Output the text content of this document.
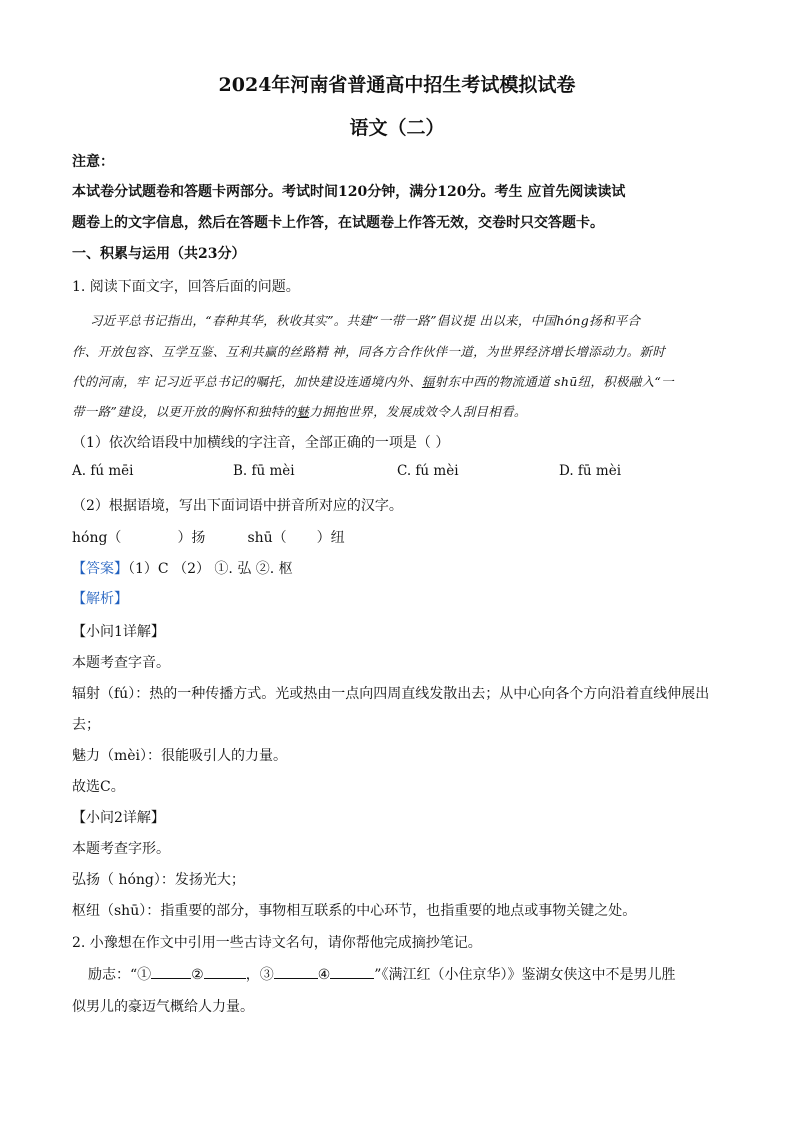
2024年河南省普通高中招生考试模拟试卷
语文（二）
注意：
本试卷分试题卷和答题卡两部分。考试时间120分钟，满分120分。考生 应首先阅读读试
题卷上的文字信息，然后在答题卡上作答，在试题卷上作答无效，交卷时只交答题卡。
一、积累与运用（共23分）
1. 阅读下面文字，回答后面的问题。
习近平总书记指出，“春种其华，秋收其实”。共建“一带一路”倡议提 出以来，中国hóng扬和平合
作、开放包容、互学互鉴、互利共赢的丝路精 神，同各方合作伙伴一道，为世界经济增长增添动力。新时
代的河南，牢 记习近平总书记的嘱托，加快建设连通境内外、辐射东中西的物流通道 shū纽，积极融入“一
带一路”建设，以更开放的胸怀和独特的魅力拥抱世界，发展成效令人刮目相看。
（1）依次给语段中加横线的字注音，全部正确的一项是（ ）
A. fú mēi	B. fū mèi	C. fú mèi	D. fū mèi
（2）根据语境，写出下面词语中拼音所对应的汉字。
hóng（	）扬	shū（ ）纽
【答案】（1）C （2） ①. 弘 ②. 枢
【解析】
【小问1详解】
本题考查字音。
辐射（fú）：热的一种传播方式。光或热由一点向四周直线发散出去；从中心向各个方向沿着直线伸展出
去；
魅力（mèi）：很能吸引人的力量。
故选C。
【小问2详解】
本题考查字形。
弘扬（ hóng）：发扬光大；
枢纽（shū）：指重要的部分，事物相互联系的中心环节，也指重要的地点或事物关键之处。
2. 小豫想在作文中引用一些古诗文名句，请你帮他完成摘抄笔记。
励志：“①	②	，③	④	”《满江红（小住京华）》鉴湖女侠这中不是男儿胜
似男儿的豪迈气概给人力量。
